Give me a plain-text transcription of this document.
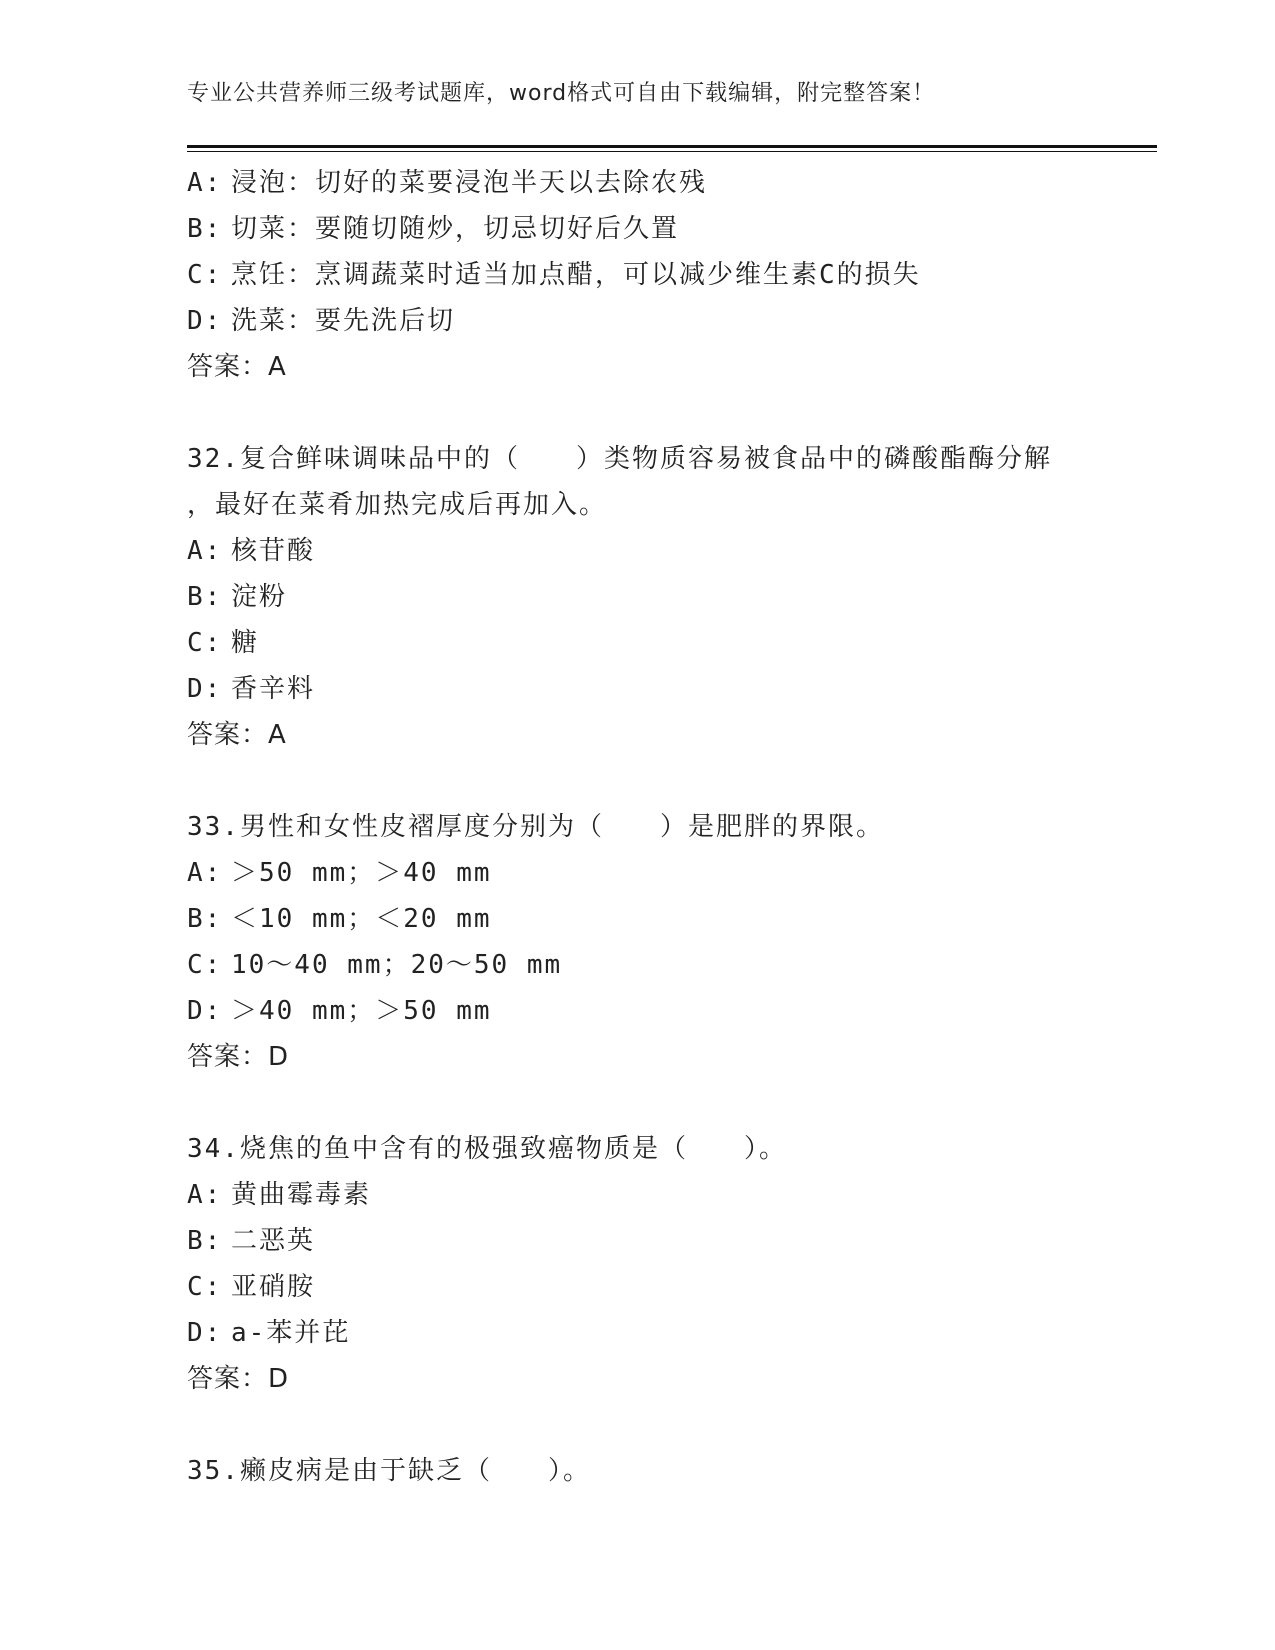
专业公共营养师三级考试题库，word格式可自由下载编辑，附完整答案！
A: 浸泡：切好的菜要浸泡半天以去除农残
B: 切菜：要随切随炒，切忌切好后久置
C: 烹饪：烹调蔬菜时适当加点醋，可以减少维生素C的损失
D: 洗菜：要先洗后切
答案：A
32.复合鲜味调味品中的（　　）类物质容易被食品中的磷酸酯酶分解
，最好在菜肴加热完成后再加入。
A: 核苷酸
B: 淀粉
C: 糖
D: 香辛料
答案：A
33.男性和女性皮褶厚度分别为（　　）是肥胖的界限。
A: ＞50 mm；＞40 mm
B: ＜10 mm；＜20 mm
C: 10～40 mm；20～50 mm
D: ＞40 mm；＞50 mm
答案：D
34.烧焦的鱼中含有的极强致癌物质是（　　）。
A: 黄曲霉毒素
B: 二恶英
C: 亚硝胺
D: a-苯并芘
答案：D
35.癞皮病是由于缺乏（　　）。
